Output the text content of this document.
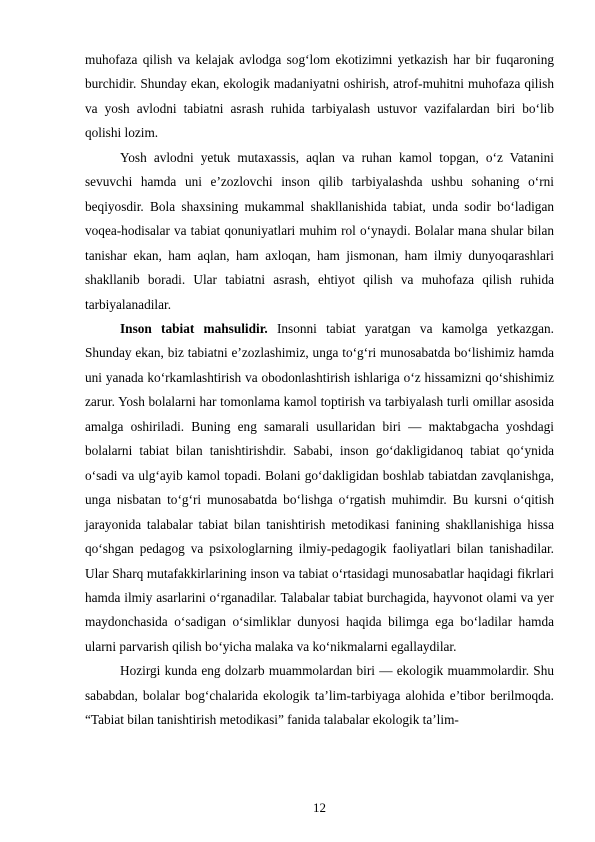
muhofaza qilish va kelajak avlodga sog‘lom ekotizimni yetkazish har bir fuqaroning burchidir. Shunday ekan, ekologik madaniyatni oshirish, atrof-muhitni muhofaza qilish va yosh avlodni tabiatni asrash ruhida tarbiyalash ustuvor vazifalardan biri bo‘lib qolishi lozim.

Yosh avlodni yetuk mutaxassis, aqlan va ruhan kamol topgan, o‘z Vatanini sevuvchi hamda uni e’zozlovchi inson qilib tarbiyalashda ushbu sohaning o‘rni beqiyosdir. Bola shaxsining mukammal shakllanishida tabiat, unda sodir bo‘ladigan voqea-hodisalar va tabiat qonuniyatlari muhim rol o‘ynaydi. Bolalar mana shular bilan tanishar ekan, ham aqlan, ham axloqan, ham jismonan, ham ilmiy dunyoqarashlari shakllanib boradi. Ular tabiatni asrash, ehtiyot qilish va muhofaza qilish ruhida tarbiyalanadilar.

Inson tabiat mahsulidir. Insonni tabiat yaratgan va kamolga yetkazgan. Shunday ekan, biz tabiatni e’zozlashimiz, unga to‘g‘ri munosabatda bo‘lishimiz hamda uni yanada ko‘rkamlashtirish va obodonlashtirish ishlariga o‘z hissamizni qo‘shishimiz zarur. Yosh bolalarni har tomonlama kamol toptirish va tarbiyalash turli omillar asosida amalga oshiriladi. Buning eng samarali usullaridan biri — maktabgacha yoshdagi bolalarni tabiat bilan tanishtirishdir. Sababi, inson go‘dakligidanoq tabiat qo‘ynida o‘sadi va ulg‘ayib kamol topadi. Bolani go‘dakligidan boshlab tabiatdan zavqlanishga, unga nisbatan to‘g‘ri munosabatda bo‘lishga o‘rgatish muhimdir. Bu kursni o‘qitish jarayonida talabalar tabiat bilan tanishtirish metodikasi fanining shakllanishiga hissa qo‘shgan pedagog va psixologlarning ilmiy-pedagogik faoliyatlari bilan tanishadilar. Ular Sharq mutafakkirlarining inson va tabiat o‘rtasidagi munosabatlar haqidagi fikrlari hamda ilmiy asarlarini o‘rganadilar. Talabalar tabiat burchagida, hayvonot olami va yer maydonchasida o‘sadigan o‘simliklar dunyosi haqida bilimga ega bo‘ladilar hamda ularni parvarish qilish bo‘yicha malaka va ko‘nikmalarni egallaydilar.

Hozirgi kunda eng dolzarb muammolardan biri — ekologik muammolardir. Shu sababdan, bolalar bog‘chalarida ekologik ta’lim-tarbiyaga alohida e’tibor berilmoqda. “Tabiat bilan tanishtirish metodikasi” fanida talabalar ekologik ta’lim-

12
